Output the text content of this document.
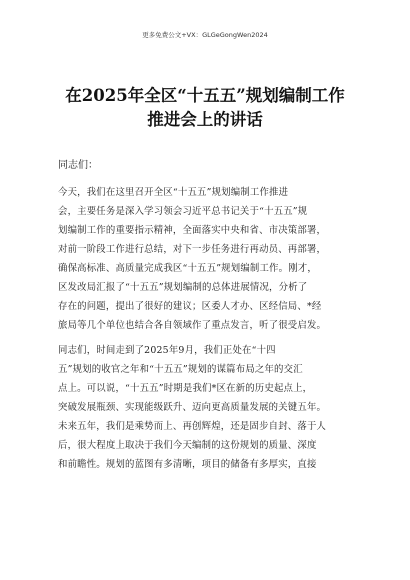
更多免费公文+VX：GLGeGongWen2024
在2025年全区“十五五”规划编制工作
推进会上的讲话
同志们：
今天，我们在这里召开全区“十五五”规划编制工作推进
会，主要任务是深入学习领会习近平总书记关于“十五五”规
划编制工作的重要指示精神，全面落实中央和省、市决策部署，
对前一阶段工作进行总结，对下一步任务进行再动员、再部署，
确保高标准、高质量完成我区“十五五”规划编制工作。刚才，
区发改局汇报了“十五五”规划编制的总体进展情况，分析了
存在的问题，提出了很好的建议；区委人才办、区经信局、*经
旅局等几个单位也结合各自领域作了重点发言，听了很受启发。
同志们，时间走到了2025年9月，我们正处在“十四
五”规划的收官之年和“十五五”规划的谋篇布局之年的交汇
点上。可以说，“十五五”时期是我们*区在新的历史起点上，
突破发展瓶颈、实现能级跃升、迈向更高质量发展的关键五年。
未来五年，我们是乘势而上、再创辉煌，还是固步自封、落于人
后，很大程度上取决于我们今天编制的这份规划的质量、深度
和前瞻性。规划的蓝图有多清晰，项目的储备有多厚实，直接
